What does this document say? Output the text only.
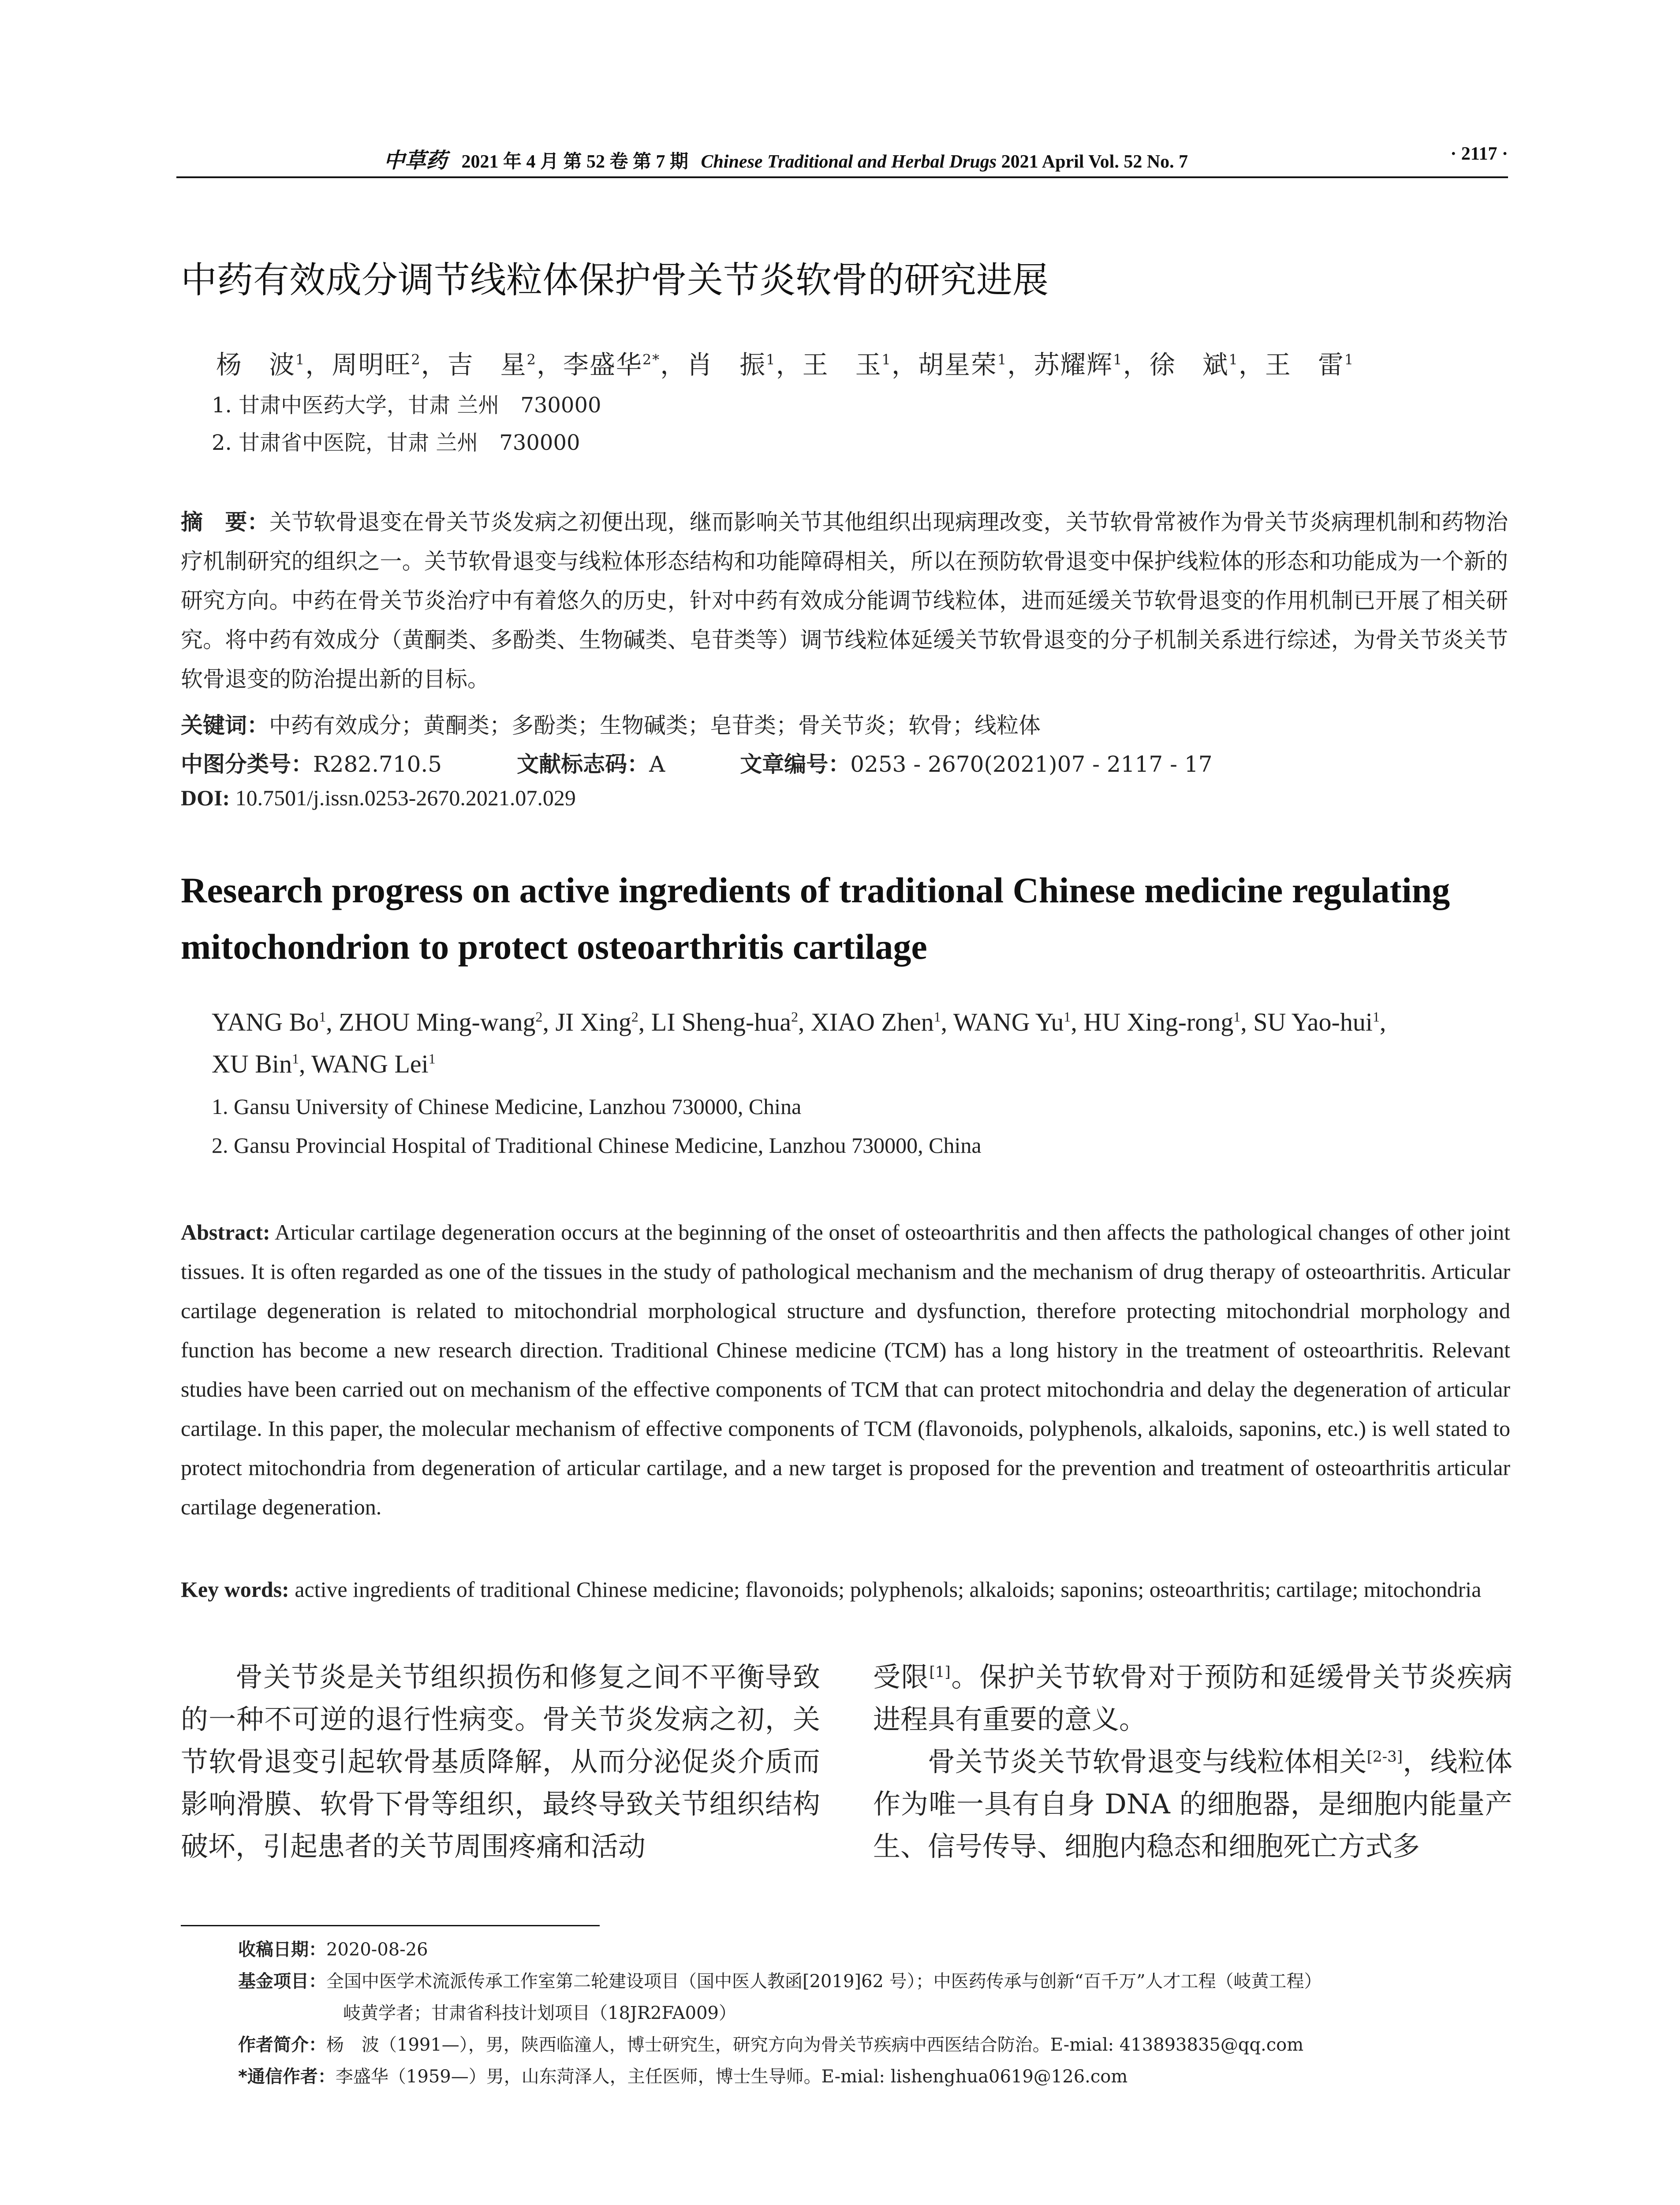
中草药 2021 年 4 月 第 52 卷 第 7 期 Chinese Traditional and Herbal Drugs 2021 April Vol. 52 No. 7	· 2117 ·
中药有效成分调节线粒体保护骨关节炎软骨的研究进展
杨　波$^1$，周明旺$^2$，吉　星$^2$，李盛华$^{2*}$，肖　振$^1$，王　玉$^1$，胡星荣$^1$，苏耀辉$^1$，徐　斌$^1$，王　雷$^1$
1. 甘肃中医药大学，甘肃 兰州　730000
2. 甘肃省中医院，甘肃 兰州　730000
摘　要：关节软骨退变在骨关节炎发病之初便出现，继而影响关节其他组织出现病理改变，关节软骨常被作为骨关节炎病理机制和药物治疗机制研究的组织之一。关节软骨退变与线粒体形态结构和功能障碍相关，所以在预防软骨退变中保护线粒体的形态和功能成为一个新的研究方向。中药在骨关节炎治疗中有着悠久的历史，针对中药有效成分能调节线粒体，进而延缓关节软骨退变的作用机制已开展了相关研究。将中药有效成分（黄酮类、多酚类、生物碱类、皂苷类等）调节线粒体延缓关节软骨退变的分子机制关系进行综述，为骨关节炎关节软骨退变的防治提出新的目标。
关键词：中药有效成分；黄酮类；多酚类；生物碱类；皂苷类；骨关节炎；软骨；线粒体
中图分类号：R282.710.5	文献标志码：A	文章编号：0253 - 2670(2021)07 - 2117 - 17
DOI: 10.7501/j.issn.0253-2670.2021.07.029
Research progress on active ingredients of traditional Chinese medicine regulating
mitochondrion to protect osteoarthritis cartilage
YANG Bo$^1$, ZHOU Ming-wang$^2$, JI Xing$^2$, LI Sheng-hua$^2$, XIAO Zhen$^1$, WANG Yu$^1$, HU Xing-rong$^1$, SU Yao-hui$^1$,
XU Bin$^1$, WANG Lei$^1$
1. Gansu University of Chinese Medicine, Lanzhou 730000, China
2. Gansu Provincial Hospital of Traditional Chinese Medicine, Lanzhou 730000, China
Abstract: Articular cartilage degeneration occurs at the beginning of the onset of osteoarthritis and then affects the pathological changes of other joint tissues. It is often regarded as one of the tissues in the study of pathological mechanism and the mechanism of drug therapy of osteoarthritis. Articular cartilage degeneration is related to mitochondrial morphological structure and dysfunction, therefore protecting mitochondrial morphology and function has become a new research direction. Traditional Chinese medicine (TCM) has a long history in the treatment of osteoarthritis. Relevant studies have been carried out on mechanism of the effective components of TCM that can protect mitochondria and delay the degeneration of articular cartilage. In this paper, the molecular mechanism of effective components of TCM (flavonoids, polyphenols, alkaloids, saponins, etc.) is well stated to protect mitochondria from degeneration of articular cartilage, and a new target is proposed for the prevention and treatment of osteoarthritis articular cartilage degeneration.
Key words: active ingredients of traditional Chinese medicine; flavonoids; polyphenols; alkaloids; saponins; osteoarthritis; cartilage; mitochondria

骨关节炎是关节组织损伤和修复之间不平衡导致的一种不可逆的退行性病变。骨关节炎发病之初，关节软骨退变引起软骨基质降解，从而分泌促炎介质而影响滑膜、软骨下骨等组织，最终导致关节组织结构破坏，引起患者的关节周围疼痛和活动

受限[1]。保护关节软骨对于预防和延缓骨关节炎疾病进程具有重要的意义。

骨关节炎关节软骨退变与线粒体相关[2-3]，线粒体作为唯一具有自身 DNA 的细胞器，是细胞内能量产生、信号传导、细胞内稳态和细胞死亡方式多

收稿日期：2020-08-26
基金项目：全国中医学术流派传承工作室第二轮建设项目（国中医人教函[2019]62 号）；中医药传承与创新“百千万”人才工程（岐黄工程）
岐黄学者；甘肃省科技计划项目（18JR2FA009）
作者简介：杨　波（1991—），男，陕西临潼人，博士研究生，研究方向为骨关节疾病中西医结合防治。E-mial: 413893835@qq.com
*通信作者：李盛华（1959—）男，山东菏泽人，主任医师，博士生导师。E-mial: lishenghua0619@126.com
